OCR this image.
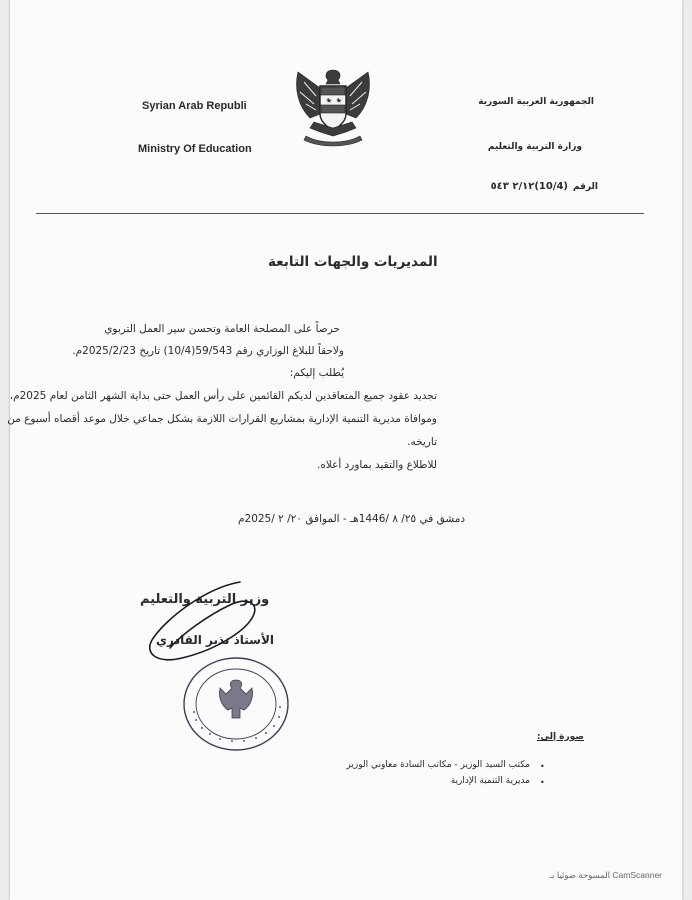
Syrian Arab Republi
Ministry Of Education
الجمهورية العربية السورية
وزارة التربية والتعليم
الرقم
٢/١٢ ٥٤٣(10/4)
المديريات والجهات التابعة
حرصاً على المصلحة العامة وتحسن سير العمل التربوي
ولاحقاً للبلاغ الوزاري رقم 59/543(10/4) تاريخ 2025/2/23م.
يُطلب إليكم:
تجديد عقود جميع المتعاقدين لديكم القائمين على رأس العمل حتى بداية الشهر الثامن لعام 2025م،
وموافاة مديرية التنمية الإدارية بمشاريع القرارات اللازمة بشكل جماعي خلال موعد أقصاه أسبوع من
تاريخه.
للاطلاع والتقيد بماورد أعلاه.
دمشق في ٢٥/ ٨ /1446هـ - الموافق ٢٠/ ٢ /2025م
وزير التربية والتعليم
الأستاذ نذير القادري
صورة إلى:
•
مكتب السيد الوزير - مكاتب السادة معاوني الوزير
•
مديرية التنمية الإدارية
المسوحة ضوئيا بـ CamScanner
